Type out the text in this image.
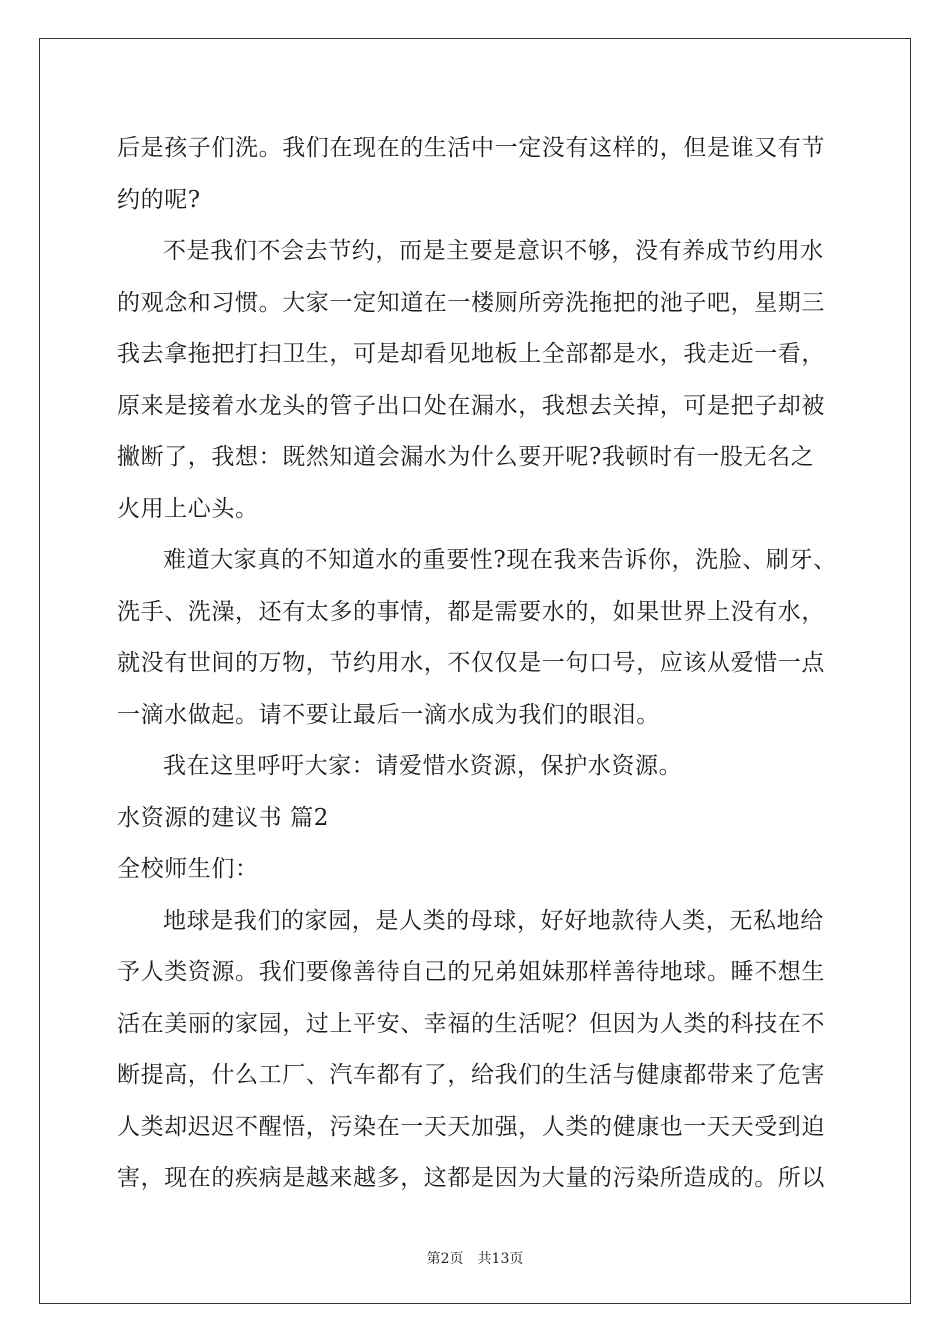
后是孩子们洗。我们在现在的生活中一定没有这样的，但是谁又有节
约的呢?
不是我们不会去节约，而是主要是意识不够，没有养成节约用水
的观念和习惯。大家一定知道在一楼厕所旁洗拖把的池子吧，星期三
我去拿拖把打扫卫生，可是却看见地板上全部都是水，我走近一看，
原来是接着水龙头的管子出口处在漏水，我想去关掉，可是把子却被
撇断了，我想：既然知道会漏水为什么要开呢?我顿时有一股无名之
火用上心头。
难道大家真的不知道水的重要性?现在我来告诉你，洗脸、刷牙、
洗手、洗澡，还有太多的事情，都是需要水的，如果世界上没有水，
就没有世间的万物，节约用水，不仅仅是一句口号，应该从爱惜一点
一滴水做起。请不要让最后一滴水成为我们的眼泪。
我在这里呼吁大家：请爱惜水资源，保护水资源。
水资源的建议书 篇2
全校师生们：
地球是我们的家园，是人类的母球，好好地款待人类，无私地给
予人类资源。我们要像善待自己的兄弟姐妹那样善待地球。睡不想生
活在美丽的家园，过上平安、幸福的生活呢？但因为人类的科技在不
断提高，什么工厂、汽车都有了，给我们的生活与健康都带来了危害
人类却迟迟不醒悟，污染在一天天加强，人类的健康也一天天受到迫
害，现在的疾病是越来越多，这都是因为大量的污染所造成的。所以
第2页 共13页
